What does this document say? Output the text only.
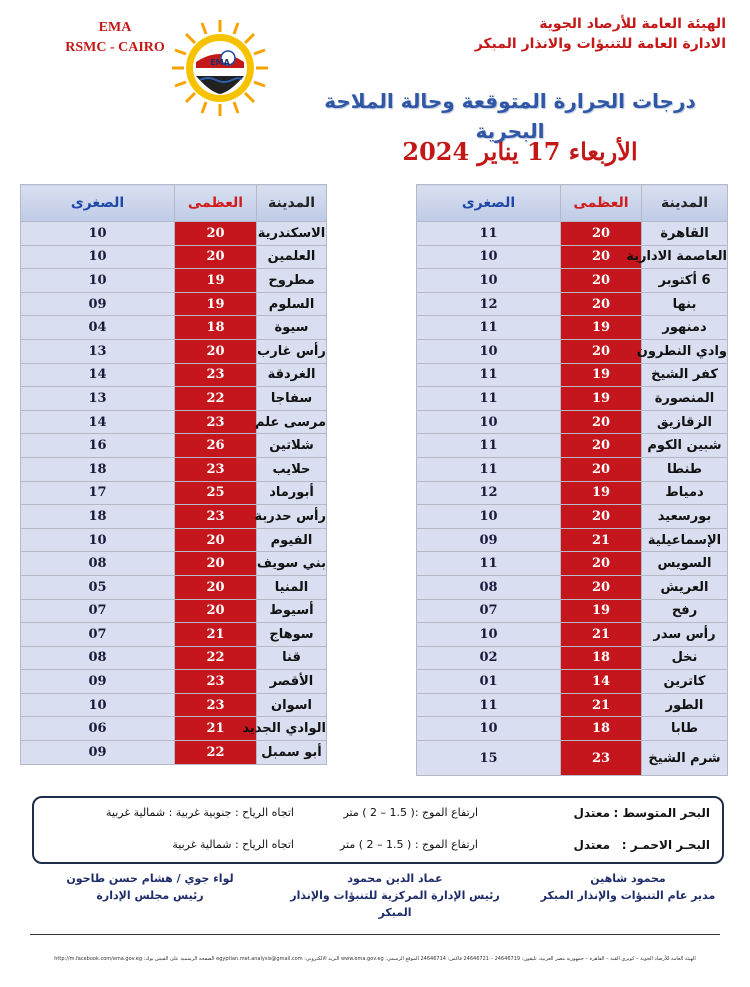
EMA
RSMC - CAIRO
EMA
الهيئة العامة للأرصاد الجوية
الادارة العامة للتنبؤات والانذار المبكر
درجات الحرارة المتوقعة وحالة الملاحة البحرية
الأربعاء 17 يناير 2024
المدينة	العظمى	الصغرى
القاهرة	20	11
العاصمة الادارية	20	10
6 أكتوبر	20	10
بنها	20	12
دمنهور	19	11
وادي النطرون	20	10
كفر الشيخ	19	11
المنصورة	19	11
الزقازيق	20	10
شبين الكوم	20	11
طنطا	20	11
دمياط	19	12
بورسعيد	20	10
الإسماعيلية	21	09
السويس	20	11
العريش	20	08
رفح	19	07
رأس سدر	21	10
نخل	18	02
كاترين	14	01
الطور	21	11
طابا	18	10
شرم الشيخ	23	15
المدينة	العظمى	الصغرى
الاسكندرية	20	10
العلمين	20	10
مطروح	19	10
السلوم	19	09
سيوة	18	04
رأس غارب	20	13
الغردقة	23	14
سفاجا	22	13
مرسى علم	23	14
شلاتين	26	16
حلايب	23	18
أبورماد	25	17
رأس حدربة	23	18
الفيوم	20	10
بني سويف	20	08
المنيا	20	05
أسيوط	20	07
سوهاج	21	07
قنا	22	08
الأقصر	23	09
اسوان	23	10
الوادي الجديد	21	06
أبو سمبل	22	09
البحر المتوسط :
معتدل
ارتفاع الموج :( 1.5 – 2 ) متر
اتجاه الرياح : جنوبية غربية : شمالية غربية
البحـر الاحمـر :
معتدل
ارتفاع الموج : ( 1.5 – 2 ) متر
اتجاه الرياح : شمالية غربية
محمود شاهين
مدير عام التنبؤات والإنذار المبكر
عماد الدين محمود
رئيس الإدارة المركزية للتنبؤات والإنذار المبكر
لواء جوي / هشام حسن طاحون
رئيس مجلس الإدارة
الهيئة العامة للأرصاد الجوية – كوبري القبة – القاهرة – جمهورية مصر العربية، تليفون: 24646719 – 24646721 فاكس: 24646714 الموقع الرسمي: www.ema.gov.eg البريد الالكتروني: egyptian.met.analysis@gmail.com الصفحة الرسمية على الفيس بوك: http://m.facebook.com/ema.gov.eg
